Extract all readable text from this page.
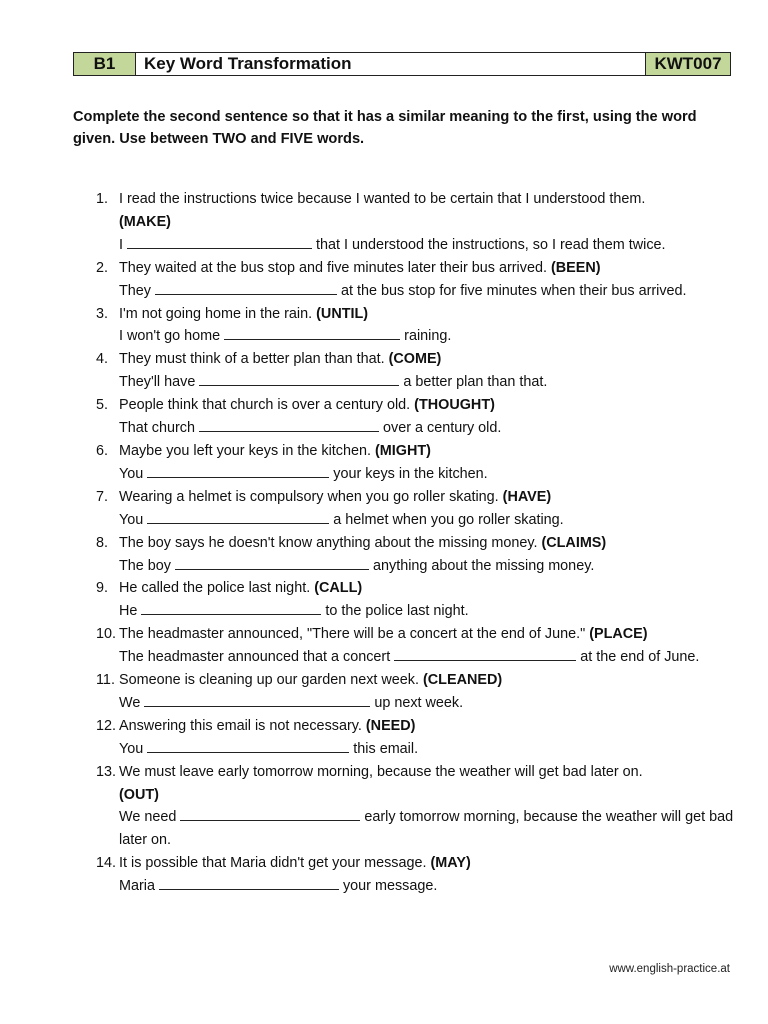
B1	Key Word Transformation	KWT007
Complete the second sentence so that it has a similar meaning to the first, using the word given. Use between TWO and FIVE words.
1. I read the instructions twice because I wanted to be certain that I understood them.
(MAKE)
I	that I understood the instructions, so I read them twice.
2. They waited at the bus stop and five minutes later their bus arrived. (BEEN)
They	at the bus stop for five minutes when their bus arrived.
3. I'm not going home in the rain. (UNTIL)
I won't go home	raining.
4. They must think of a better plan than that. (COME)
They'll have	a better plan than that.
5. People think that church is over a century old. (THOUGHT)
That church	over a century old.
6. Maybe you left your keys in the kitchen. (MIGHT)
You	your keys in the kitchen.
7. Wearing a helmet is compulsory when you go roller skating. (HAVE)
You	a helmet when you go roller skating.
8. The boy says he doesn't know anything about the missing money. (CLAIMS)
The boy	anything about the missing money.
9. He called the police last night. (CALL)
He	to the police last night.
10. The headmaster announced, "There will be a concert at the end of June." (PLACE)
The headmaster announced that a concert	at the end of June.
11. Someone is cleaning up our garden next week. (CLEANED)
We	up next week.
12. Answering this email is not necessary. (NEED)
You	this email.
13. We must leave early tomorrow morning, because the weather will get bad later on.
(OUT)
We need	early tomorrow morning, because the weather will get bad later on.
14. It is possible that Maria didn't get your message. (MAY)
Maria	your message.
www.english-practice.at
